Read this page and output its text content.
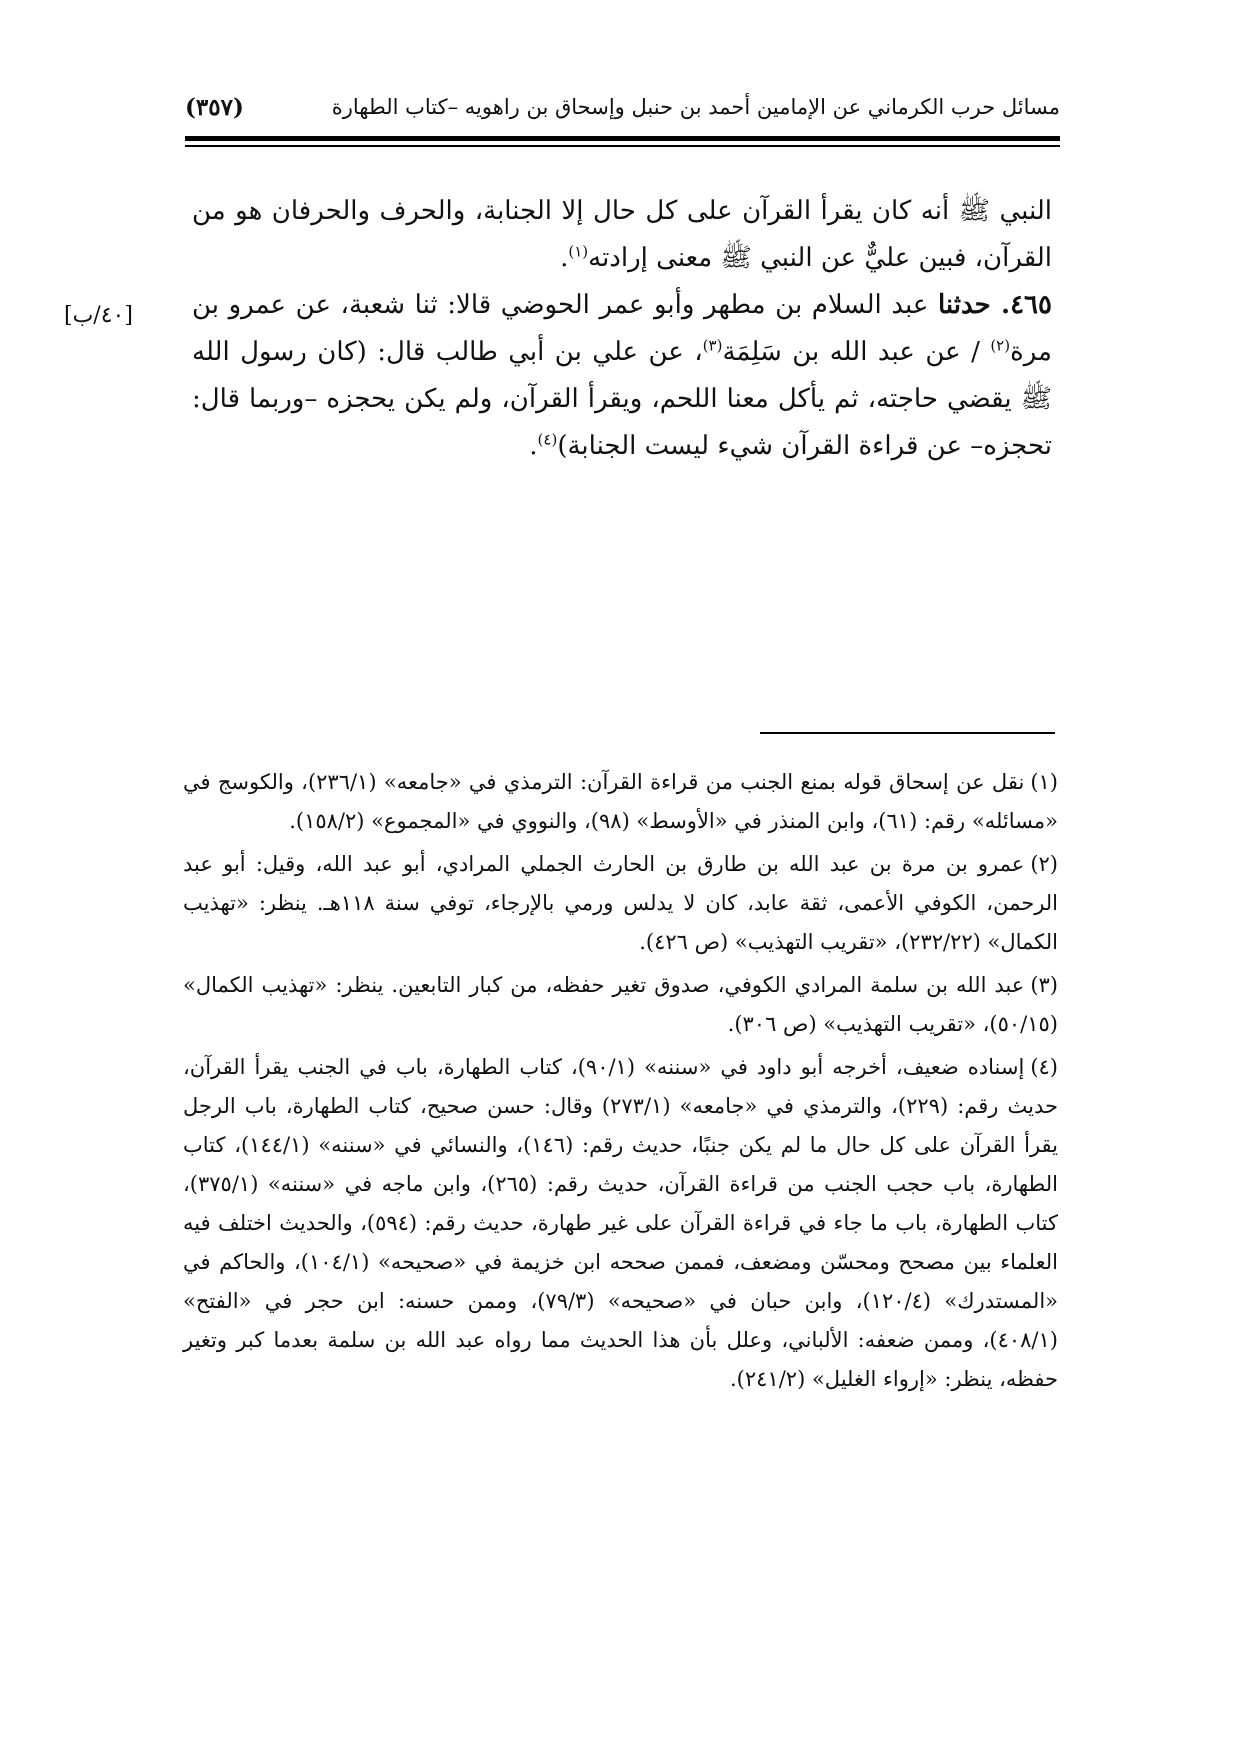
مسائل حرب الكرماني عن الإمامين أحمد بن حنبل وإسحاق بن راهويه –كتاب الطهارة
(٣٥٧)
[٤٠/ب]

النبي ﷺ أنه كان يقرأ القرآن على كل حال إلا الجنابة، والحرف والحرفان هو من القرآن، فبين عليٌّ عن النبي ﷺ معنى إرادته$^{(١)}$.

٤٦٥. حدثنا عبد السلام بن مطهر وأبو عمر الحوضي قالا: ثنا شعبة، عن عمرو بن مرة$^{(٢)}$ / عن عبد الله بن سَلِمَة$^{(٣)}$، عن علي بن أبي طالب قال: (كان رسول الله ﷺ يقضي حاجته، ثم يأكل معنا اللحم، ويقرأ القرآن، ولم يكن يحجزه –وربما قال: تحجزه– عن قراءة القرآن شيء ليست الجنابة)$^{(٤)}$.

(١)نقل عن إسحاق قوله بمنع الجنب من قراءة القرآن: الترمذي في «جامعه» (٢٣٦/١)، والكوسج في «مسائله» رقم: (٦١)، وابن المنذر في «الأوسط» (٩٨)، والنووي في «المجموع» (١٥٨/٢).

(٢)عمرو بن مرة بن عبد الله بن طارق بن الحارث الجملي المرادي، أبو عبد الله، وقيل: أبو عبد الرحمن، الكوفي الأعمى، ثقة عابد، كان لا يدلس ورمي بالإرجاء، توفي سنة ١١٨هـ. ينظر: «تهذيب الكمال» (٢٣٢/٢٢)، «تقريب التهذيب» (ص ٤٢٦).

(٣)عبد الله بن سلمة المرادي الكوفي، صدوق تغير حفظه، من كبار التابعين. ينظر: «تهذيب الكمال» (٥٠/١٥)، «تقريب التهذيب» (ص ٣٠٦).

(٤)إسناده ضعيف، أخرجه أبو داود في «سننه» (٩٠/١)، كتاب الطهارة، باب في الجنب يقرأ القرآن، حديث رقم: (٢٢٩)، والترمذي في «جامعه» (٢٧٣/١) وقال: حسن صحيح، كتاب الطهارة، باب الرجل يقرأ القرآن على كل حال ما لم يكن جنبًا، حديث رقم: (١٤٦)، والنسائي في «سننه» (١٤٤/١)، كتاب الطهارة، باب حجب الجنب من قراءة القرآن، حديث رقم: (٢٦٥)، وابن ماجه في «سننه» (٣٧٥/١)، كتاب الطهارة، باب ما جاء في قراءة القرآن على غير طهارة، حديث رقم: (٥٩٤)، والحديث اختلف فيه العلماء بين مصحح ومحسّن ومضعف، فممن صححه ابن خزيمة في «صحيحه» (١٠٤/١)، والحاكم في «المستدرك» (١٢٠/٤)، وابن حبان في «صحيحه» (٧٩/٣)، وممن حسنه: ابن حجر في «الفتح» (٤٠٨/١)، وممن ضعفه: الألباني، وعلل بأن هذا الحديث مما رواه عبد الله بن سلمة بعدما كبر وتغير حفظه، ينظر: «إرواء الغليل» (٢٤١/٢).
